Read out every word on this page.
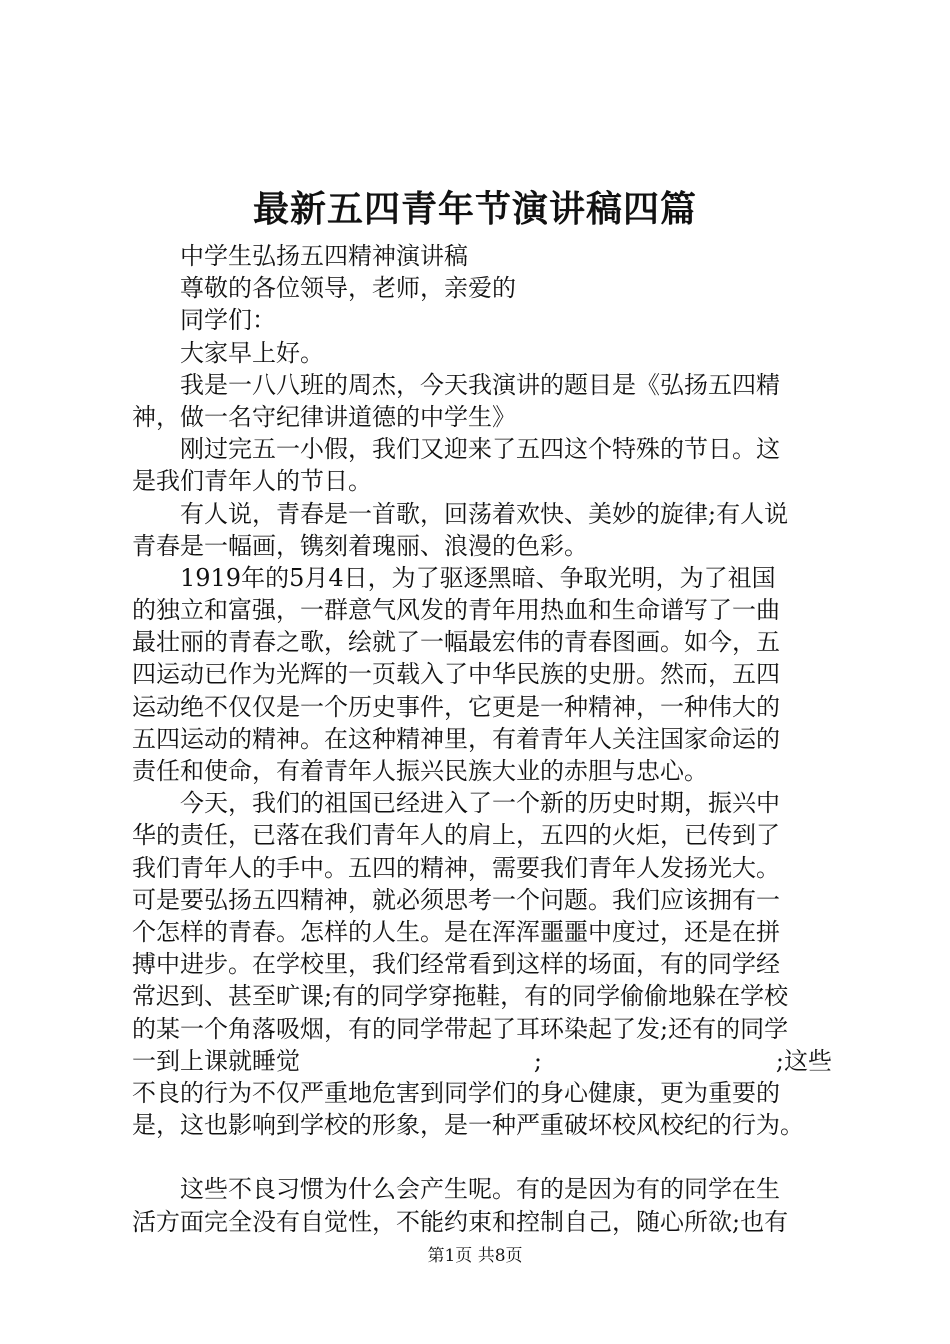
最新五四青年节演讲稿四篇

中学生弘扬五四精神演讲稿

尊敬的各位领导，老师，亲爱的

同学们：

大家早上好。

我是一八八班的周杰，今天我演讲的题目是《弘扬五四精

神，做一名守纪律讲道德的中学生》

刚过完五一小假，我们又迎来了五四这个特殊的节日。这

是我们青年人的节日。

有人说，青春是一首歌，回荡着欢快、美妙的旋律;有人说

青春是一幅画，镌刻着瑰丽、浪漫的色彩。

1919年的5月4日，为了驱逐黑暗、争取光明，为了祖国

的独立和富强，一群意气风发的青年用热血和生命谱写了一曲

最壮丽的青春之歌，绘就了一幅最宏伟的青春图画。如今，五

四运动已作为光辉的一页载入了中华民族的史册。然而，五四

运动绝不仅仅是一个历史事件，它更是一种精神，一种伟大的

五四运动的精神。在这种精神里，有着青年人关注国家命运的

责任和使命，有着青年人振兴民族大业的赤胆与忠心。

今天，我们的祖国已经进入了一个新的历史时期，振兴中

华的责任，已落在我们青年人的肩上，五四的火炬，已传到了

我们青年人的手中。五四的精神，需要我们青年人发扬光大。

可是要弘扬五四精神，就必须思考一个问题。我们应该拥有一

个怎样的青春。怎样的人生。是在浑浑噩噩中度过，还是在拼

搏中进步。在学校里，我们经常看到这样的场面，有的同学经

常迟到、甚至旷课;有的同学穿拖鞋，有的同学偷偷地躲在学校

的某一个角落吸烟，有的同学带起了耳环染起了发;还有的同学

一到上课就睡觉	;	;这些

不良的行为不仅严重地危害到同学们的身心健康，更为重要的

是，这也影响到学校的形象，是一种严重破坏校风校纪的行为。

这些不良习惯为什么会产生呢。有的是因为有的同学在生

活方面完全没有自觉性，不能约束和控制自己，随心所欲;也有

第1页 共8页
